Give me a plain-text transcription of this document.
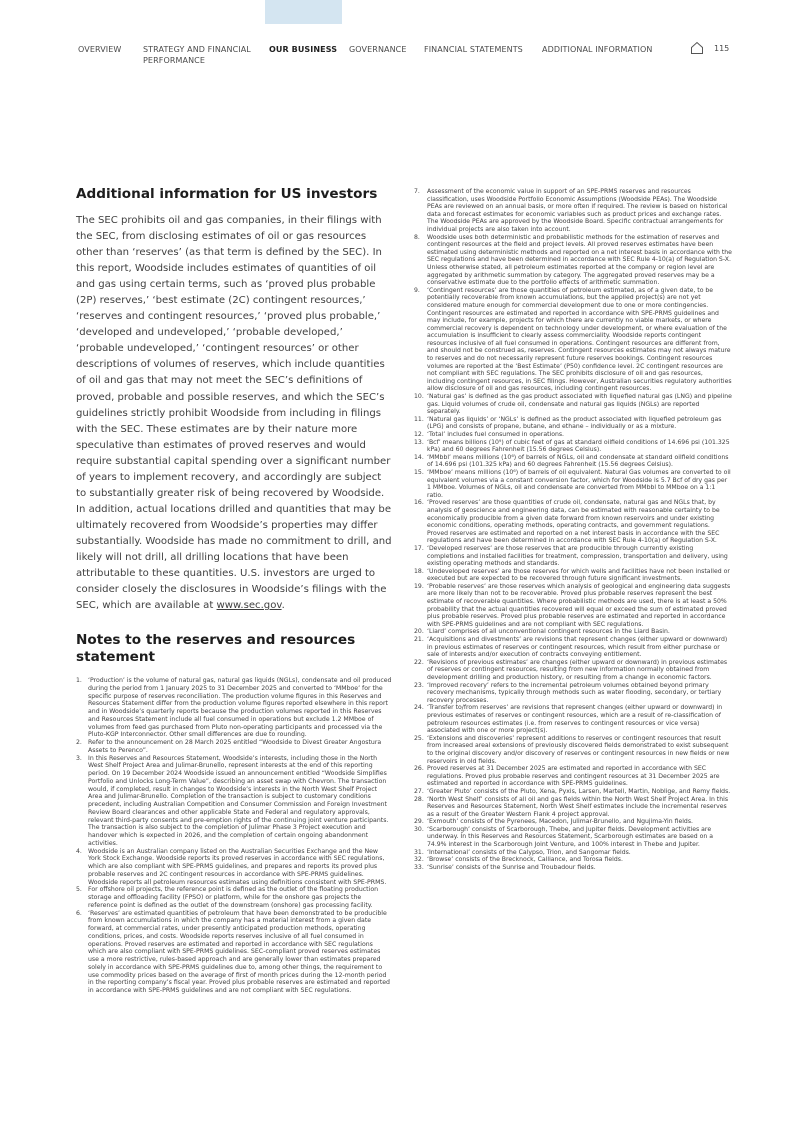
OVERVIEW	STRATEGY AND FINANCIAL PERFORMANCE
OUR BUSINESS GOVERNANCE FINANCIAL STATEMENTS ADDITIONAL INFORMATION	115
Additional information for US investors

The SEC prohibits oil and gas companies, in their filings with the SEC, from disclosing estimates of oil or gas resources other than ‘reserves’ (as that term is defined by the SEC). In this report, Woodside includes estimates of quantities of oil and gas using certain terms, such as ‘proved plus probable (2P) reserves,’ ‘best estimate (2C) contingent resources,’ ‘reserves and contingent resources,’ ‘proved plus probable,’ ‘developed and undeveloped,’ ‘probable developed,’ ‘probable undeveloped,’ ‘contingent resources’ or other descriptions of volumes of reserves, which include quantities of oil and gas that may not meet the SEC’s definitions of proved, probable and possible reserves, and which the SEC’s guidelines strictly prohibit Woodside from including in filings with the SEC. These estimates are by their nature more speculative than estimates of proved reserves and would require substantial capital spending over a significant number of years to implement recovery, and accordingly are subject to substantially greater risk of being recovered by Woodside. In addition, actual locations drilled and quantities that may be ultimately recovered from Woodside’s properties may differ substantially. Woodside has made no commitment to drill, and likely will not drill, all drilling locations that have been attributable to these quantities. U.S. investors are urged to consider closely the disclosures in Woodside’s filings with the SEC, which are available at www.sec.gov.

Notes to the reserves and resources statement
1. ‘Production’ is the volume of natural gas, natural gas liquids (NGLs), condensate and oil produced during the period from 1 January 2025 to 31 December 2025 and converted to ‘MMboe’ for the specific purpose of reserves reconciliation. The production volume figures in this Reserves and Resources Statement differ from the production volume figures reported elsewhere in this report and in Woodside’s quarterly reports because the production volumes reported in this Reserves and Resources Statement include all fuel consumed in operations but exclude 1.2 MMboe of volumes from feed gas purchased from Pluto non-operating participants and processed via the Pluto-KGP Interconnector. Other small differences are due to rounding.
2. Refer to the announcement on 28 March 2025 entitled “Woodside to Divest Greater Angostura Assets to Perenco”.
3. In this Reserves and Resources Statement, Woodside’s interests, including those in the North West Shelf Project Area and Julimar-Brunello, represent interests at the end of this reporting period. On 19 December 2024 Woodside issued an announcement entitled “Woodside Simplifies Portfolio and Unlocks Long-Term Value”, describing an asset swap with Chevron. The transaction would, if completed, result in changes to Woodside’s interests in the North West Shelf Project Area and Julimar-Brunello. Completion of the transaction is subject to customary conditions precedent, including Australian Competition and Consumer Commission and Foreign Investment Review Board clearances and other applicable State and Federal and regulatory approvals, relevant third-party consents and pre-emption rights of the continuing joint venture participants. The transaction is also subject to the completion of Julimar Phase 3 Project execution and handover which is expected in 2026, and the completion of certain ongoing abandonment activities.
4. Woodside is an Australian company listed on the Australian Securities Exchange and the New York Stock Exchange. Woodside reports its proved reserves in accordance with SEC regulations, which are also compliant with SPE-PRMS guidelines, and prepares and reports its proved plus probable reserves and 2C contingent resources in accordance with SPE-PRMS guidelines. Woodside reports all petroleum resources estimates using definitions consistent with SPE-PRMS.
5. For offshore oil projects, the reference point is defined as the outlet of the floating production storage and offloading facility (FPSO) or platform, while for the onshore gas projects the reference point is defined as the outlet of the downstream (onshore) gas processing facility.
6. ‘Reserves’ are estimated quantities of petroleum that have been demonstrated to be producible from known accumulations in which the company has a material interest from a given date forward, at commercial rates, under presently anticipated production methods, operating conditions, prices, and costs. Woodside reports reserves inclusive of all fuel consumed in operations. Proved reserves are estimated and reported in accordance with SEC regulations which are also compliant with SPE-PRMS guidelines. SEC-compliant proved reserves estimates use a more restrictive, rules-based approach and are generally lower than estimates prepared solely in accordance with SPE-PRMS guidelines due to, among other things, the requirement to use commodity prices based on the average of first of month prices during the 12-month period in the reporting company’s fiscal year. Proved plus probable reserves are estimated and reported in accordance with SPE-PRMS guidelines and are not compliant with SEC regulations.
7. Assessment of the economic value in support of an SPE-PRMS reserves and resources classification, uses Woodside Portfolio Economic Assumptions (Woodside PEAs). The Woodside PEAs are reviewed on an annual basis, or more often if required. The review is based on historical data and forecast estimates for economic variables such as product prices and exchange rates. The Woodside PEAs are approved by the Woodside Board. Specific contractual arrangements for individual projects are also taken into account.
8. Woodside uses both deterministic and probabilistic methods for the estimation of reserves and contingent resources at the field and project levels. All proved reserves estimates have been estimated using deterministic methods and reported on a net interest basis in accordance with the SEC regulations and have been determined in accordance with SEC Rule 4-10(a) of Regulation S-X. Unless otherwise stated, all petroleum estimates reported at the company or region level are aggregated by arithmetic summation by category. The aggregated proved reserves may be a conservative estimate due to the portfolio effects of arithmetic summation.
9. ‘Contingent resources’ are those quantities of petroleum estimated, as of a given date, to be potentially recoverable from known accumulations, but the applied project(s) are not yet considered mature enough for commercial development due to one or more contingencies. Contingent resources are estimated and reported in accordance with SPE-PRMS guidelines and may include, for example, projects for which there are currently no viable markets, or where commercial recovery is dependent on technology under development, or where evaluation of the accumulation is insufficient to clearly assess commerciality. Woodside reports contingent resources inclusive of all fuel consumed in operations. Contingent resources are different from, and should not be construed as, reserves. Contingent resources estimates may not always mature to reserves and do not necessarily represent future reserves bookings. Contingent resources volumes are reported at the ‘Best Estimate’ (P50) confidence level. 2C contingent resources are not compliant with SEC regulations. The SEC prohibits disclosure of oil and gas resources, including contingent resources, in SEC filings. However, Australian securities regulatory authorities allow disclosure of oil and gas resources, including contingent resources.
10. ‘Natural gas’ is defined as the gas product associated with liquefied natural gas (LNG) and pipeline gas. Liquid volumes of crude oil, condensate and natural gas liquids (NGLs) are reported separately.
11. ‘Natural gas liquids’ or ‘NGLs’ is defined as the product associated with liquefied petroleum gas (LPG) and consists of propane, butane, and ethane – individually or as a mixture.
12. ‘Total’ includes fuel consumed in operations.
13. ‘Bcf’ means billions (10⁹) of cubic feet of gas at standard oilfield conditions of 14.696 psi (101.325 kPa) and 60 degrees Fahrenheit (15.56 degrees Celsius).
14. ‘MMbbl’ means millions (10⁶) of barrels of NGLs, oil and condensate at standard oilfield conditions of 14.696 psi (101.325 kPa) and 60 degrees Fahrenheit (15.56 degrees Celsius).
15. ‘MMboe’ means millions (10⁶) of barrels of oil equivalent. Natural Gas volumes are converted to oil equivalent volumes via a constant conversion factor, which for Woodside is 5.7 Bcf of dry gas per 1 MMboe. Volumes of NGLs, oil and condensate are converted from MMbbl to MMboe on a 1:1 ratio.
16. ‘Proved reserves’ are those quantities of crude oil, condensate, natural gas and NGLs that, by analysis of geoscience and engineering data, can be estimated with reasonable certainty to be economically producible from a given date forward from known reservoirs and under existing economic conditions, operating methods, operating contracts, and government regulations. Proved reserves are estimated and reported on a net interest basis in accordance with the SEC regulations and have been determined in accordance with SEC Rule 4-10(a) of Regulation S-X.
17. ‘Developed reserves’ are those reserves that are producible through currently existing completions and installed facilities for treatment, compression, transportation and delivery, using existing operating methods and standards.
18. ‘Undeveloped reserves’ are those reserves for which wells and facilities have not been installed or executed but are expected to be recovered through future significant investments.
19. ‘Probable reserves’ are those reserves which analysis of geological and engineering data suggests are more likely than not to be recoverable. Proved plus probable reserves represent the best estimate of recoverable quantities. Where probabilistic methods are used, there is at least a 50% probability that the actual quantities recovered will equal or exceed the sum of estimated proved plus probable reserves. Proved plus probable reserves are estimated and reported in accordance with SPE-PRMS guidelines and are not compliant with SEC regulations.
20. ‘Liard’ comprises of all unconventional contingent resources in the Liard Basin.
21. ‘Acquisitions and divestments’ are revisions that represent changes (either upward or downward) in previous estimates of reserves or contingent resources, which result from either purchase or sale of interests and/or execution of contracts conveying entitlement.
22. ‘Revisions of previous estimates’ are changes (either upward or downward) in previous estimates of reserves or contingent resources, resulting from new information normally obtained from development drilling and production history, or resulting from a change in economic factors.
23. ‘Improved recovery’ refers to the incremental petroleum volumes obtained beyond primary recovery mechanisms, typically through methods such as water flooding, secondary, or tertiary recovery processes.
24. ‘Transfer to/from reserves’ are revisions that represent changes (either upward or downward) in previous estimates of reserves or contingent resources, which are a result of re-classification of petroleum resources estimates (i.e. from reserves to contingent resources or vice versa) associated with one or more project(s).
25. ‘Extensions and discoveries’ represent additions to reserves or contingent resources that result from increased areal extensions of previously discovered fields demonstrated to exist subsequent to the original discovery and/or discovery of reserves or contingent resources in new fields or new reservoirs in old fields.
26. Proved reserves at 31 December 2025 are estimated and reported in accordance with SEC regulations. Proved plus probable reserves and contingent resources at 31 December 2025 are estimated and reported in accordance with SPE-PRMS guidelines.
27. ‘Greater Pluto’ consists of the Pluto, Xena, Pyxis, Larsen, Martell, Martin, Noblige, and Remy fields.
28. ‘North West Shelf’ consists of all oil and gas fields within the North West Shelf Project Area. In this Reserves and Resources Statement, North West Shelf estimates include the incremental reserves as a result of the Greater Western Flank 4 project approval.
29. ‘Exmouth’ consists of the Pyrenees, Macedon, Julimar-Brunello, and Ngujima-Yin fields.
30. ‘Scarborough’ consists of Scarborough, Thebe, and Jupiter fields. Development activities are underway. In this Reserves and Resources Statement, Scarborough estimates are based on a 74.9% interest in the Scarborough Joint Venture, and 100% interest in Thebe and Jupiter.
31. ‘International’ consists of the Calypso, Trion, and Sangomar fields.
32. ‘Browse’ consists of the Brecknock, Calliance, and Torosa fields.
33. ‘Sunrise’ consists of the Sunrise and Troubadour fields.
